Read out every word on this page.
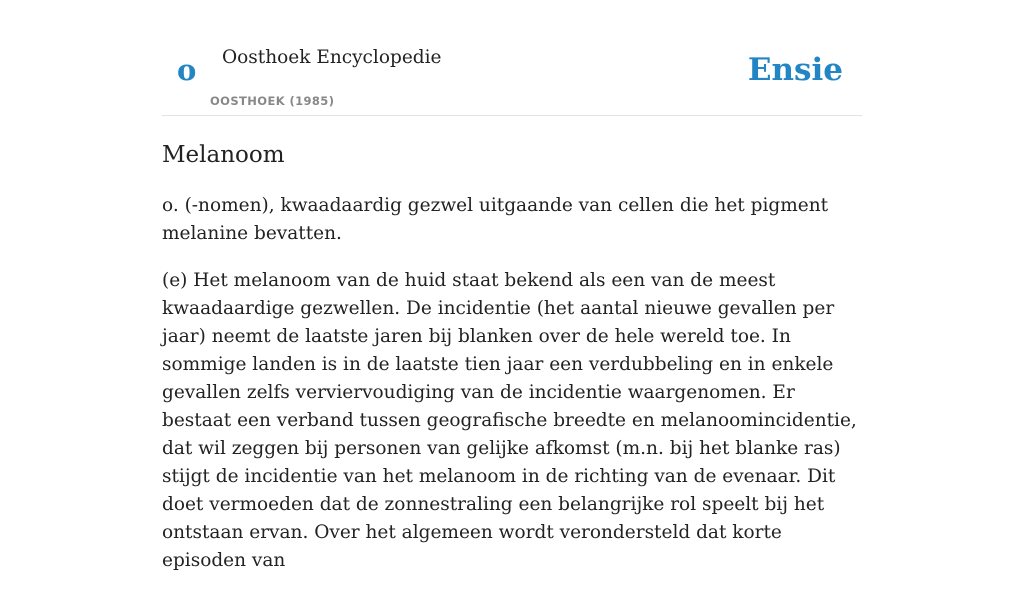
o Oosthoek Encyclopedie
OOSTHOEK (1985)
Ensie
Melanoom

o. (-nomen), kwaadaardig gezwel uitgaande van cellen die het pigment melanine bevatten.

(e) Het melanoom van de huid staat bekend als een van de meest kwaadaardige gezwellen. De incidentie (het aantal nieuwe gevallen per jaar) neemt de laatste jaren bij blanken over de hele wereld toe. In sommige landen is in de laatste tien jaar een verdubbeling en in enkele gevallen zelfs verviervoudiging van de incidentie waargenomen. Er bestaat een verband tussen geografische breedte en melanoomincidentie, dat wil zeggen bij personen van gelijke afkomst (m.n. bij het blanke ras) stijgt de incidentie van het melanoom in de richting van de evenaar. Dit doet vermoeden dat de zonnestraling een belangrijke rol speelt bij het ontstaan ervan. Over het algemeen wordt verondersteld dat korte episoden van
